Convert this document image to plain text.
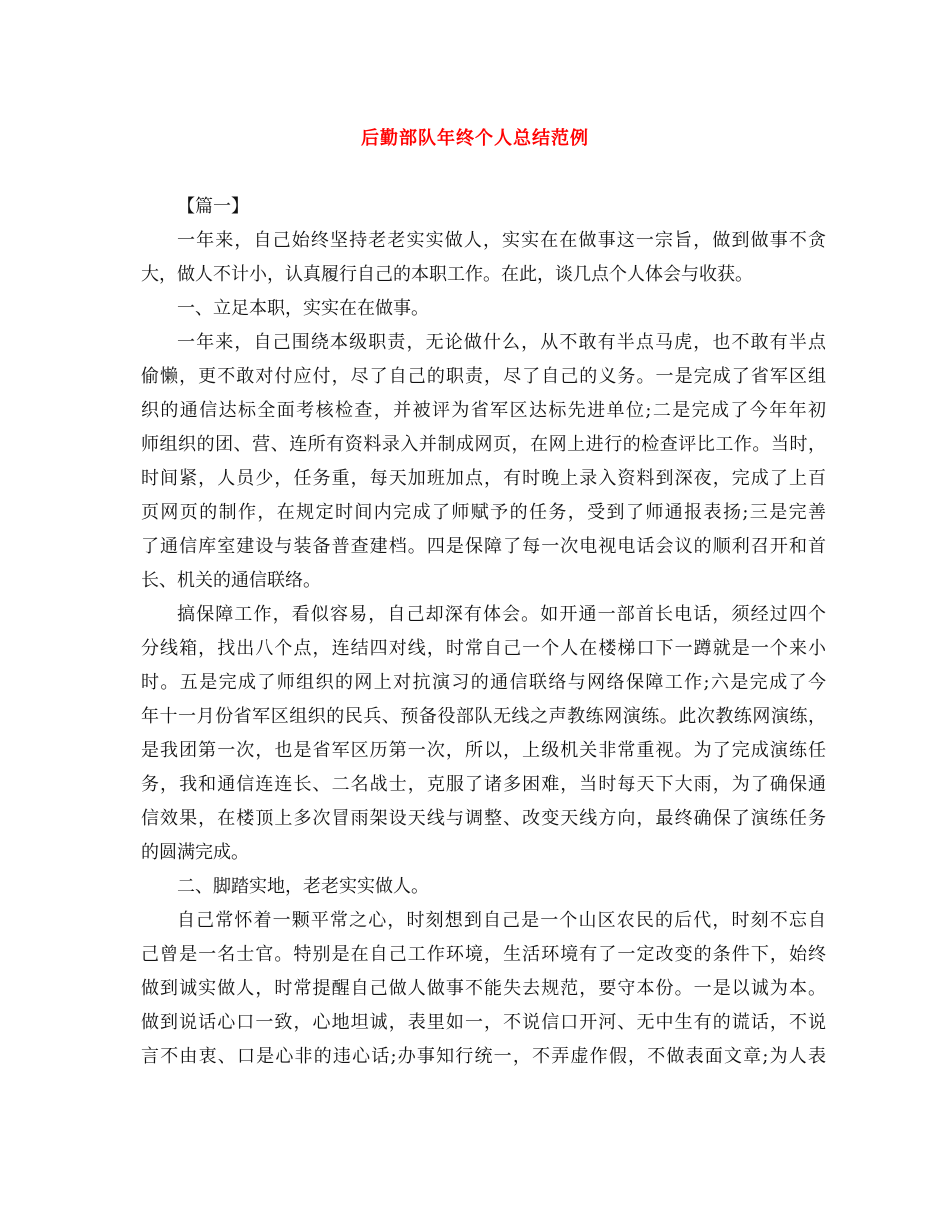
后勤部队年终个人总结范例
【篇一】
一年来，自己始终坚持老老实实做人，实实在在做事这一宗旨，做到做事不贪
大，做人不计小，认真履行自己的本职工作。在此，谈几点个人体会与收获。
一、立足本职，实实在在做事。
一年来，自己围绕本级职责，无论做什么，从不敢有半点马虎，也不敢有半点
偷懒，更不敢对付应付，尽了自己的职责，尽了自己的义务。一是完成了省军区组
织的通信达标全面考核检查，并被评为省军区达标先进单位;二是完成了今年年初
师组织的团、营、连所有资料录入并制成网页，在网上进行的检查评比工作。当时，
时间紧，人员少，任务重，每天加班加点，有时晚上录入资料到深夜，完成了上百
页网页的制作，在规定时间内完成了师赋予的任务，受到了师通报表扬;三是完善
了通信库室建设与装备普查建档。四是保障了每一次电视电话会议的顺利召开和首
长、机关的通信联络。
搞保障工作，看似容易，自己却深有体会。如开通一部首长电话，须经过四个
分线箱，找出八个点，连结四对线，时常自己一个人在楼梯口下一蹲就是一个来小
时。五是完成了师组织的网上对抗演习的通信联络与网络保障工作;六是完成了今
年十一月份省军区组织的民兵、预备役部队无线之声教练网演练。此次教练网演练，
是我团第一次，也是省军区历第一次，所以，上级机关非常重视。为了完成演练任
务，我和通信连连长、二名战士，克服了诸多困难，当时每天下大雨，为了确保通
信效果，在楼顶上多次冒雨架设天线与调整、改变天线方向，最终确保了演练任务
的圆满完成。
二、脚踏实地，老老实实做人。
自己常怀着一颗平常之心，时刻想到自己是一个山区农民的后代，时刻不忘自
己曾是一名士官。特别是在自己工作环境，生活环境有了一定改变的条件下，始终
做到诚实做人，时常提醒自己做人做事不能失去规范，要守本份。一是以诚为本。
做到说话心口一致，心地坦诚，表里如一，不说信口开河、无中生有的谎话，不说
言不由衷、口是心非的违心话;办事知行统一，不弄虚作假，不做表面文章;为人表
